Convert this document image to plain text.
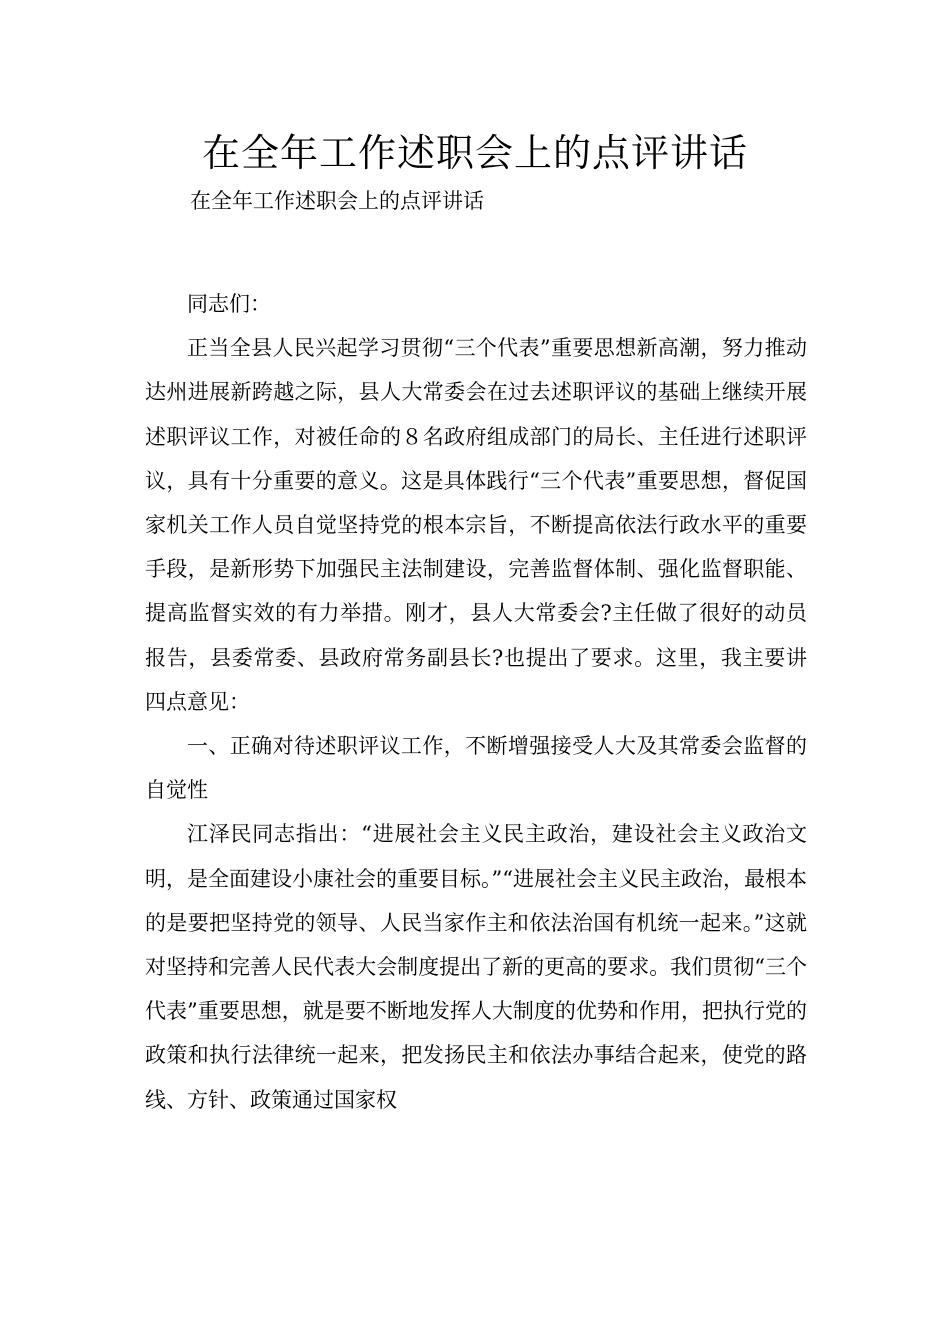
在全年工作述职会上的点评讲话
在全年工作述职会上的点评讲话

同志们：

正当全县人民兴起学习贯彻“三个代表”重要思想新高潮，努力推动达州进展新跨越之际，县人大常委会在过去述职评议的基础上继续开展述职评议工作，对被任命的８名政府组成部门的局长、主任进行述职评议，具有十分重要的意义。这是具体践行“三个代表”重要思想，督促国家机关工作人员自觉坚持党的根本宗旨，不断提高依法行政水平的重要手段，是新形势下加强民主法制建设，完善监督体制、强化监督职能、提高监督实效的有力举措。刚才，县人大常委会?主任做了很好的动员报告，县委常委、县政府常务副县长?也提出了要求。这里，我主要讲四点意见：

一、正确对待述职评议工作，不断增强接受人大及其常委会监督的自觉性

江泽民同志指出：“进展社会主义民主政治，建设社会主义政治文明，是全面建设小康社会的重要目标。”“进展社会主义民主政治，最根本的是要把坚持党的领导、人民当家作主和依法治国有机统一起来。”这就对坚持和完善人民代表大会制度提出了新的更高的要求。我们贯彻“三个代表”重要思想，就是要不断地发挥人大制度的优势和作用，把执行党的政策和执行法律统一起来，把发扬民主和依法办事结合起来，使党的路线、方针、政策通过国家权
